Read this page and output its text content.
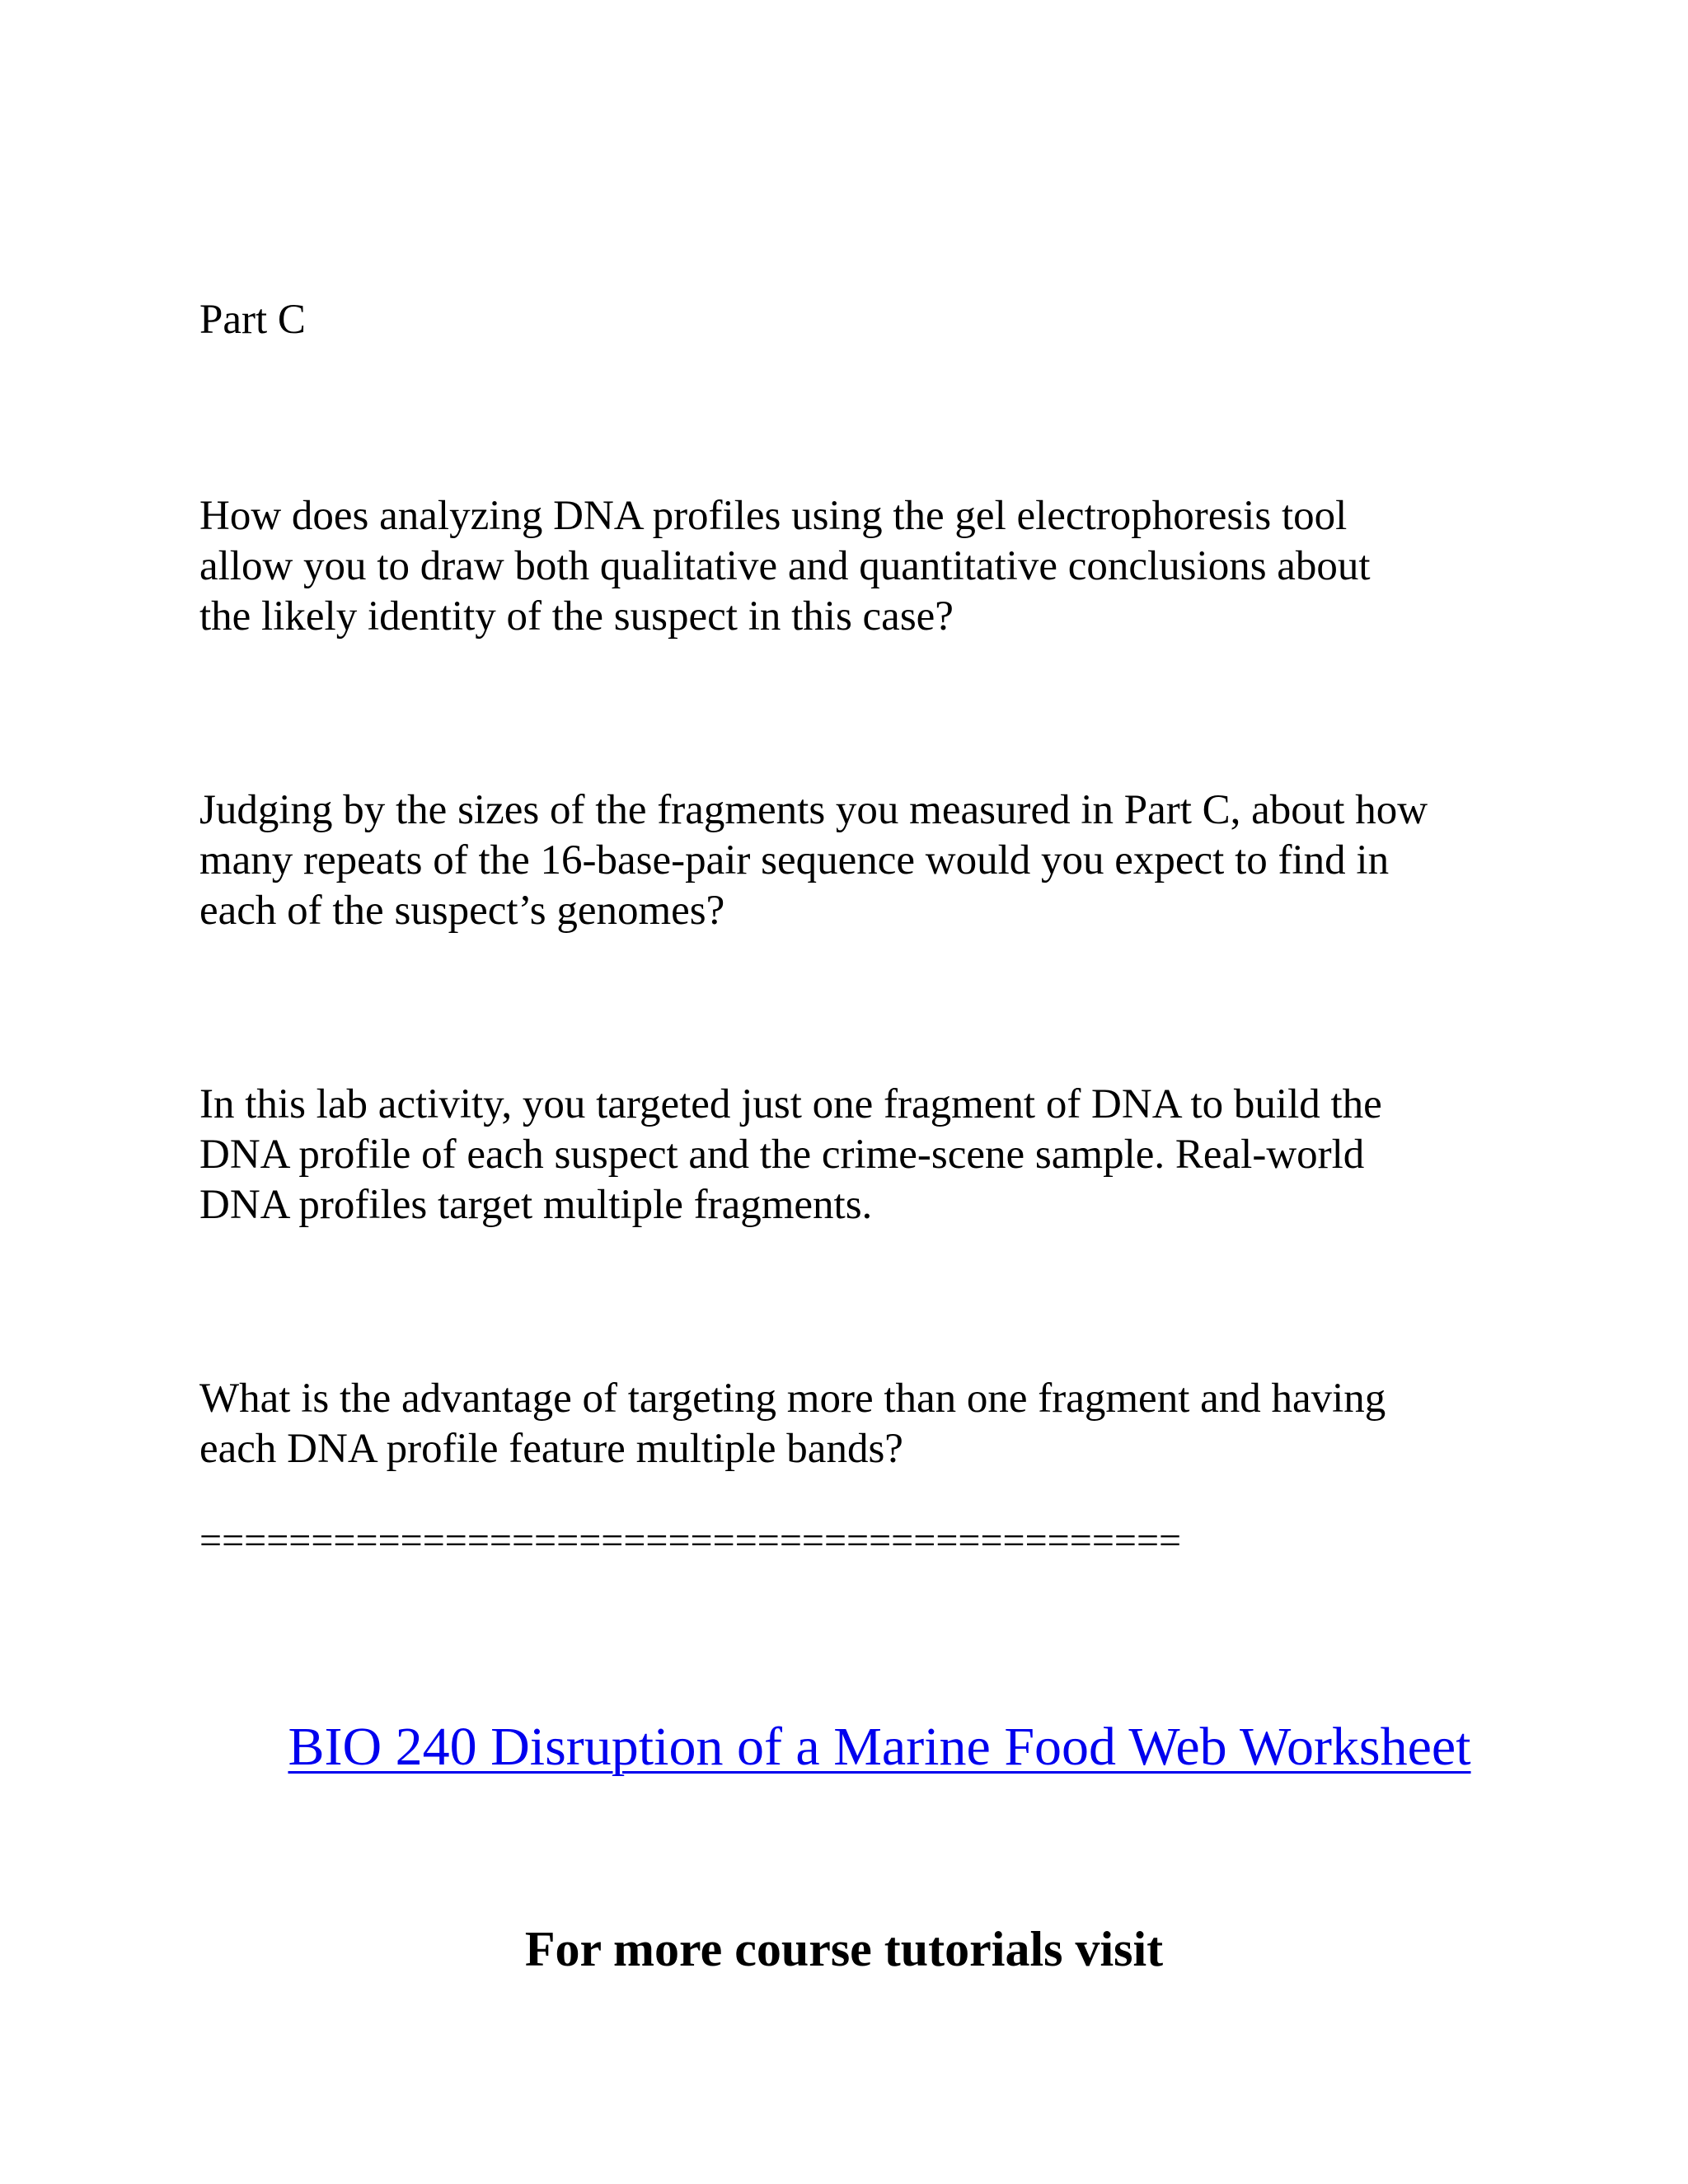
Part C

How does analyzing DNA profiles using the gel electrophoresis tool
allow you to draw both qualitative and quantitative conclusions about
the likely identity of the suspect in this case?

Judging by the sizes of the fragments you measured in Part C, about how
many repeats of the 16-base-pair sequence would you expect to find in
each of the suspect’s genomes?

In this lab activity, you targeted just one fragment of DNA to build the
DNA profile of each suspect and the crime-scene sample. Real-world
DNA profiles target multiple fragments.

What is the advantage of targeting more than one fragment and having
each DNA profile feature multiple bands?

============================================

BIO 240 Disruption of a Marine Food Web Worksheet
For more course tutorials visit
